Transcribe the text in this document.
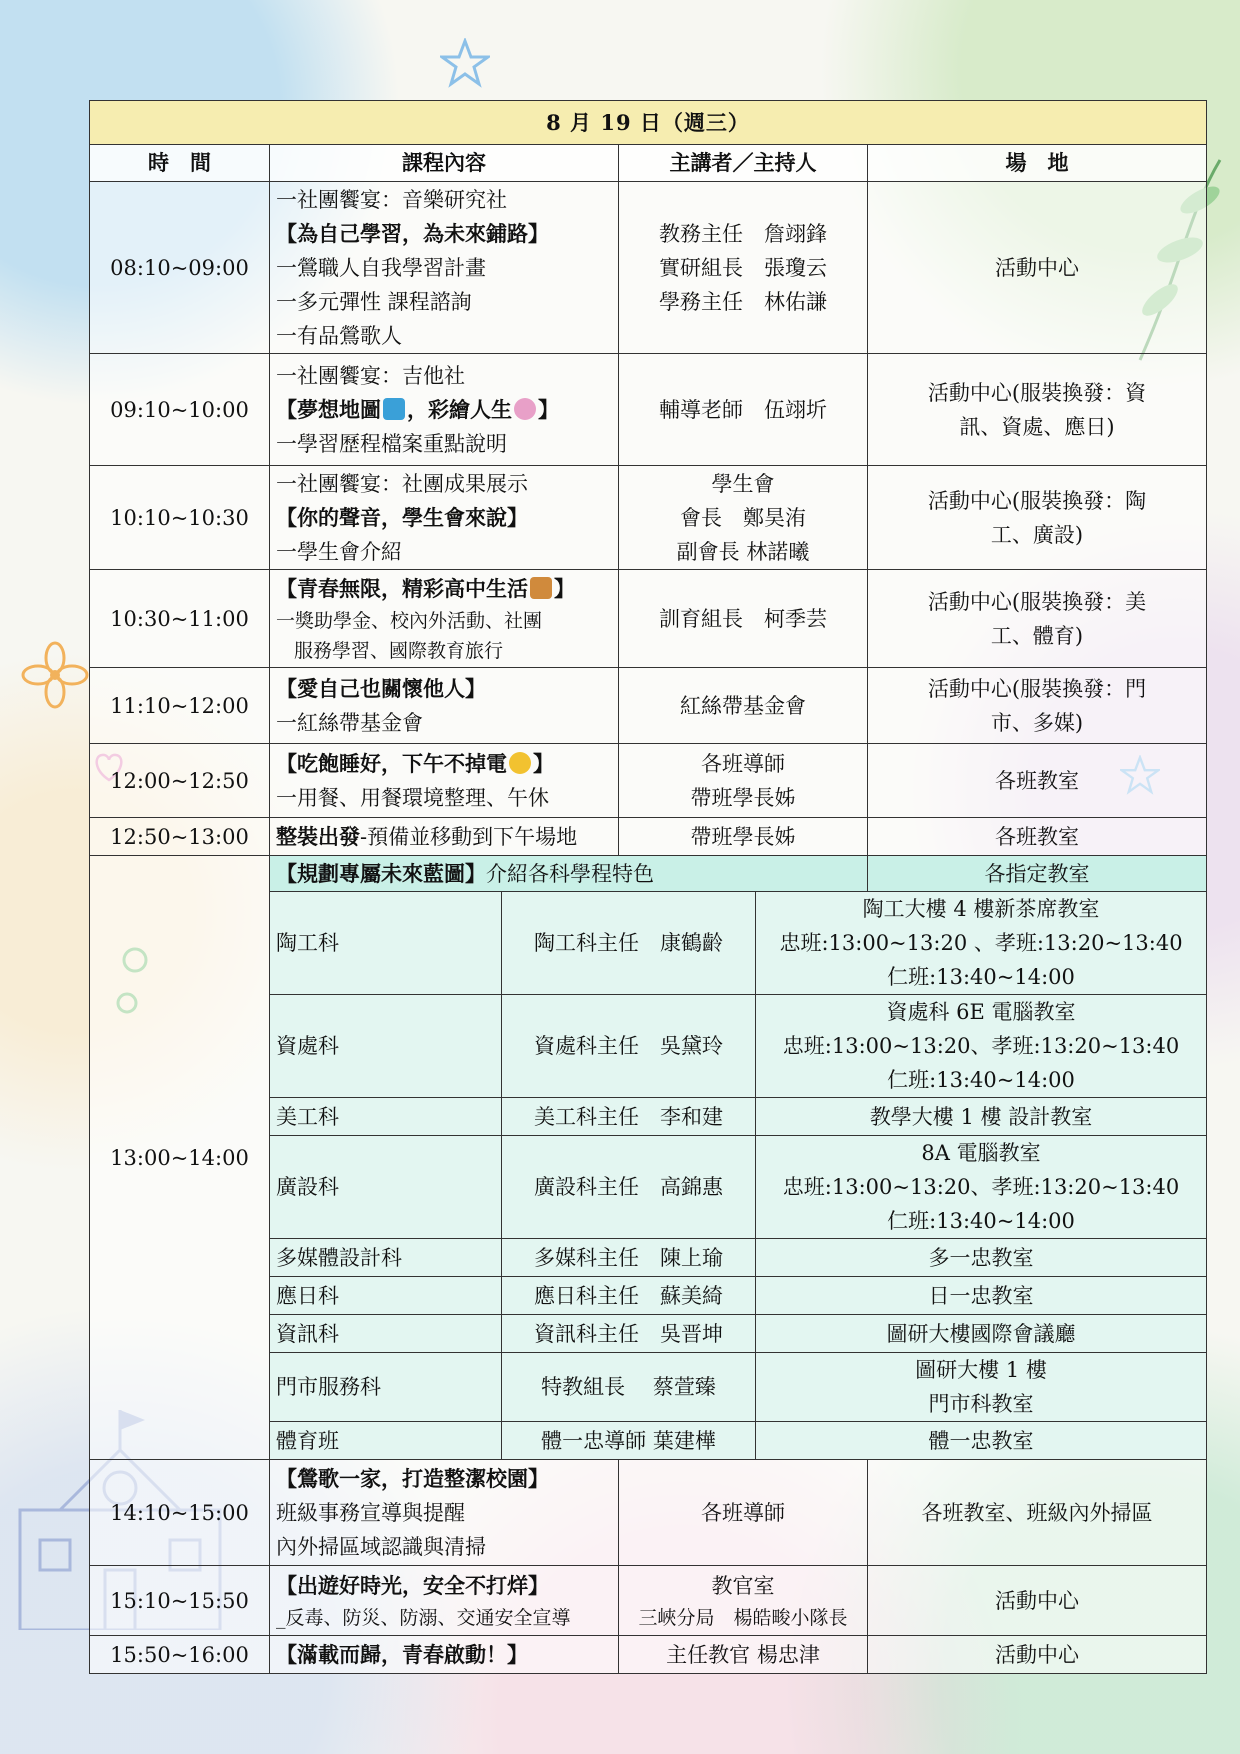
8 月 19 日（週三）					
時　間	課程內容		主講者／主持人		場　地
08:10~09:00	一社團饗宴：音樂研究社
【為自己學習，為未來鋪路】
一鶯職人自我學習計畫
一多元彈性 課程諮詢
一有品鶯歌人		教務主任　詹翊鋒
實研組長　張瓊云
學務主任　林佑謙		活動中心

09:10~10:00	一社團饗宴：吉他社
【夢想地圖 ，彩繪人生 】
一學習歷程檔案重點說明		輔導老師　伍翊圻		活動中心(服裝換發：資
訊、資處、應日)

10:10~10:30	一社團饗宴：社團成果展示
【你的聲音，學生會來說】
一學生會介紹		學生會
會長　鄭昊洧
副會長 林諾曦		活動中心(服裝換發：陶
工、廣設)

10:30~11:00	【青春無限，精彩高中生活 】
一獎助學金、校內外活動、社團
服務學習、國際教育旅行		訓育組長　柯季芸		活動中心(服裝換發：美
工、體育)

11:10~12:00	【愛自己也關懷他人】
一紅絲帶基金會		紅絲帶基金會		活動中心(服裝換發：門
市、多媒)

12:00~12:50	【吃飽睡好，下午不掉電 】
一用餐、用餐環境整理、午休		各班導師
帶班學長姊		各班教室

12:50~13:00	整裝出發-預備並移動到下午場地		帶班學長姊		各班教室

13:00~14:00	【規劃專屬未來藍圖】介紹各科學程特色				各指定教室
	陶工科	陶工科主任　康鶴齡		陶工大樓 4 樓新茶席教室
忠班:13:00~13:20 、孝班:13:20~13:40
仁班:13:40~14:00	

	資處科	資處科主任　吳黛玲		資處科 6E 電腦教室
忠班:13:00~13:20、孝班:13:20~13:40
仁班:13:40~14:00	

	美工科	美工科主任　李和建		教學大樓 1 樓 設計教室	

	廣設科	廣設科主任　高錦惠		8A 電腦教室
忠班:13:00~13:20、孝班:13:20~13:40
仁班:13:40~14:00	

	多媒體設計科	多媒科主任　陳上瑜		多一忠教室	

	應日科	應日科主任　蘇美綺		日一忠教室	

	資訊科	資訊科主任　吳晋坤		圖研大樓國際會議廳	

	門市服務科	特教組長　 蔡萱臻		圖研大樓 1 樓
門市科教室	

	體育班	體一忠導師 葉建樺		體一忠教室	

14:10~15:00	【鶯歌一家，打造整潔校園】
班級事務宣導與提醒
內外掃區域認識與清掃		各班導師		各班教室、班級內外掃區

15:10~15:50	【出遊好時光，安全不打烊】
_反毒、防災、防溺、交通安全宣導		教官室
三峽分局　楊皓畯小隊長		活動中心

15:50~16:00	【滿載而歸，青春啟動！】		主任教官 楊忠津		活動中心
